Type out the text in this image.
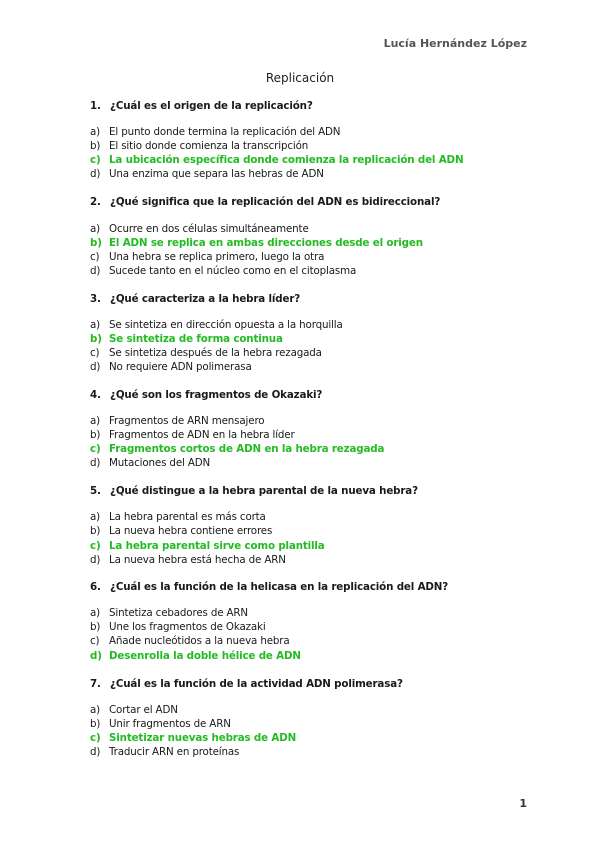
Lucía Hernández López
Replicación
1. ¿Cuál es el origen de la replicación?
a) El punto donde termina la replicación del ADN
b) El sitio donde comienza la transcripción
c) La ubicación específica donde comienza la replicación del ADN
d) Una enzima que separa las hebras de ADN
2. ¿Qué significa que la replicación del ADN es bidireccional?
a) Ocurre en dos células simultáneamente
b) El ADN se replica en ambas direcciones desde el origen
c) Una hebra se replica primero, luego la otra
d) Sucede tanto en el núcleo como en el citoplasma
3. ¿Qué caracteriza a la hebra líder?
a) Se sintetiza en dirección opuesta a la horquilla
b) Se sintetiza de forma continua
c) Se sintetiza después de la hebra rezagada
d) No requiere ADN polimerasa
4. ¿Qué son los fragmentos de Okazaki?
a) Fragmentos de ARN mensajero
b) Fragmentos de ADN en la hebra líder
c) Fragmentos cortos de ADN en la hebra rezagada
d) Mutaciones del ADN
5. ¿Qué distingue a la hebra parental de la nueva hebra?
a) La hebra parental es más corta
b) La nueva hebra contiene errores
c) La hebra parental sirve como plantilla
d) La nueva hebra está hecha de ARN
6. ¿Cuál es la función de la helicasa en la replicación del ADN?
a) Sintetiza cebadores de ARN
b) Une los fragmentos de Okazaki
c) Añade nucleótidos a la nueva hebra
d) Desenrolla la doble hélice de ADN
7. ¿Cuál es la función de la actividad ADN polimerasa?
a) Cortar el ADN
b) Unir fragmentos de ARN
c) Sintetizar nuevas hebras de ADN
d) Traducir ARN en proteínas
1
